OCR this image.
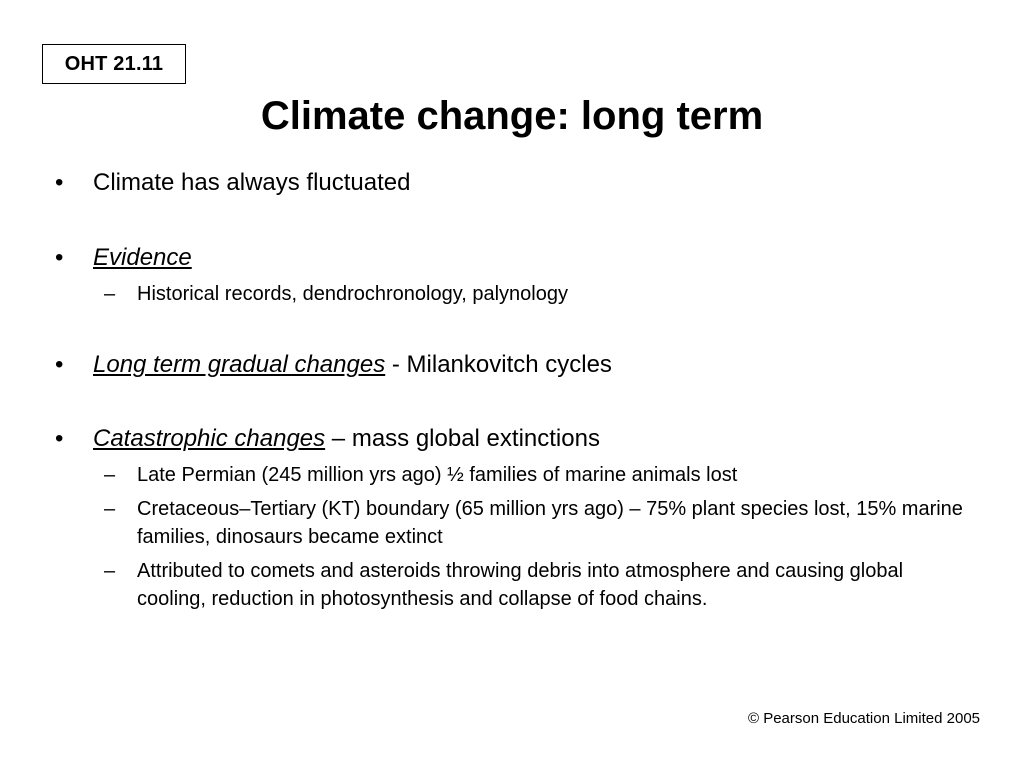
OHT 21.11
Climate change: long term
• Climate has always fluctuated
• Evidence
– Historical records, dendrochronology, palynology
• Long term gradual changes - Milankovitch cycles
• Catastrophic changes – mass global extinctions
– Late Permian (245 million yrs ago) ½ families of marine animals lost
– Cretaceous–Tertiary (KT) boundary (65 million yrs ago) – 75% plant species lost, 15% marine families, dinosaurs became extinct
– Attributed to comets and asteroids throwing debris into atmosphere and causing global cooling, reduction in photosynthesis and collapse of food chains.
© Pearson Education Limited 2005
